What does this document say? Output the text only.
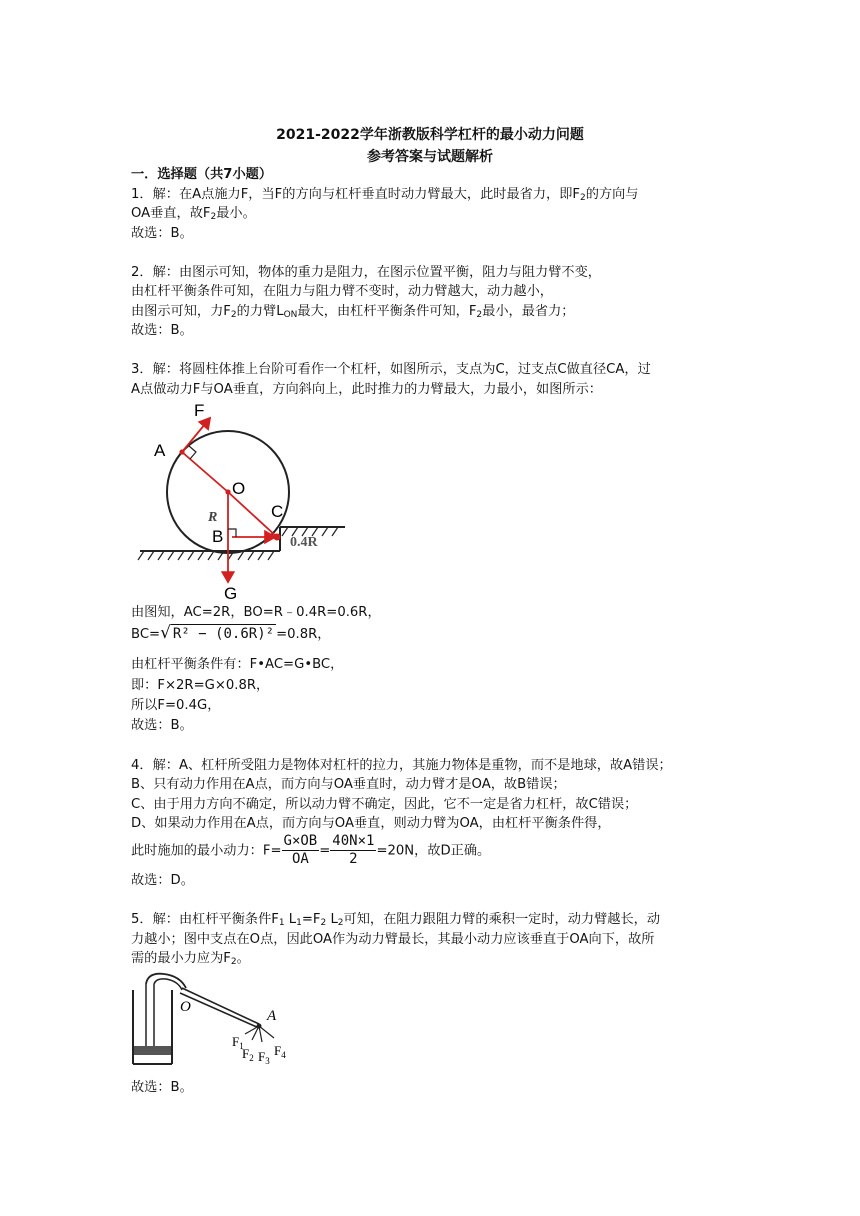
2021-2022学年浙教版科学杠杆的最小动力问题
参考答案与试题解析
一．选择题（共7小题）
1．解：在A点施力F，当F的方向与杠杆垂直时动力臂最大，此时最省力，即$F_2$的方向与
OA垂直，故$F_2$最小。
故选：B。
2．解：由图示可知，物体的重力是阻力，在图示位置平衡，阻力与阻力臂不变，
由杠杆平衡条件可知，在阻力与阻力臂不变时，动力臂越大，动力越小，
由图示可知，力$F_2$的力臂$L_{ON}$最大，由杠杆平衡条件可知，$F_2$最小，最省力；
故选：B。
3．解：将圆柱体推上台阶可看作一个杠杆，如图所示，支点为C，过支点C做直径CA，过
A点做动力F与OA垂直，方向斜向上，此时推力的力臂最大，力最小，如图所示：
F
A
O
C
R
B
G
0.4R
由图知，AC=2R，BO=R﹣0.4R=0.6R，
BC=√ R² − (0.6R)² =0.8R，
由杠杆平衡条件有：F•AC=G•BC，
即：F×2R=G×0.8R，
所以F=0.4G，
故选：B。
4．解：A、杠杆所受阻力是物体对杠杆的拉力，其施力物体是重物，而不是地球，故A错误；
B、只有动力作用在A点，而方向与OA垂直时，动力臂才是OA，故B错误；
C、由于用力方向不确定，所以动力臂不确定，因此，它不一定是省力杠杆，故C错误；
D、如果动力作用在A点，而方向与OA垂直，则动力臂为OA，由杠杆平衡条件得，
此时施加的最小动力：$F= \frac{G\times OB}{OA} = \frac{40N\times 1}{2} =20N$，故D正确。
故选：D。
5．解：由杠杆平衡条件$F_1$ $L_1=F_2$ $L_2$可知，在阻力跟阻力臂的乘积一定时，动力臂越长，动
力越小；图中支点在O点，因此OA作为动力臂最长，其最小动力应该垂直于OA向下，故所
需的最小力应为$F_2$。
O
A
$F_1$
$F_2$ $F_3$
$F_4$
故选：B。
